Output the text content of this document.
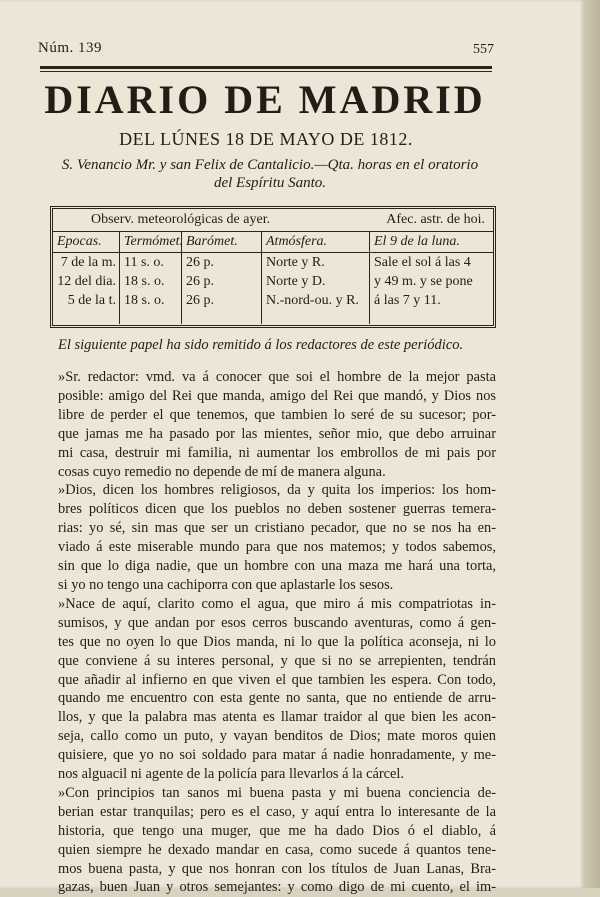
Núm. 139	557
DIARIO DE MADRID
DEL LÚNES 18 DE MAYO DE 1812.
S. Venancio Mr. y san Felix de Cantalicio.—Qta. horas en el oratorio
del Espíritu Santo.
Observ. meteorológicas de ayer.	Afec. astr. de hoi.
Epocas.
7 de la m.
12 del dia.
5 de la t.
Termómet.
11 s. o.
18 s. o.
18 s. o.
Barómet.
26 p.
26 p.
26 p.
Atmósfera.
Norte y R.
Norte y D.
N.-nord-ou. y R.
El 9 de la luna.
Sale el sol á las 4
y 49 m. y se pone
á las 7 y 11.
El siguiente papel ha sido remitido á los redactores de este periódico.
»Sr. redactor: vmd. va á conocer que soi el hombre de la mejor pasta
posible: amigo del Rei que manda, amigo del Rei que mandó, y Dios nos
libre de perder el que tenemos, que tambien lo seré de su sucesor; por-
que jamas me ha pasado por las mientes, señor mio, que debo arruinar
mi casa, destruir mi familia, ni aumentar los embrollos de mi pais por
cosas cuyo remedio no depende de mí de manera alguna.
»Dios, dicen los hombres religiosos, da y quita los imperios: los hom-
bres políticos dicen que los pueblos no deben sostener guerras temera-
rias: yo sé, sin mas que ser un cristiano pecador, que no se nos ha en-
viado á este miserable mundo para que nos matemos; y todos sabemos,
sin que lo diga nadie, que un hombre con una maza me hará una torta,
si yo no tengo una cachiporra con que aplastarle los sesos.
»Nace de aquí, clarito como el agua, que miro á mis compatriotas in-
sumisos, y que andan por esos cerros buscando aventuras, como á gen-
tes que no oyen lo que Dios manda, ni lo que la política aconseja, ni lo
que conviene á su interes personal, y que si no se arrepienten, tendrán
que añadir al infierno en que viven el que tambien les espera. Con todo,
quando me encuentro con esta gente no santa, que no entiende de arru-
llos, y que la palabra mas atenta es llamar traidor al que bien les acon-
seja, callo como un puto, y vayan benditos de Dios; mate moros quien
quisiere, que yo no soi soldado para matar á nadie honradamente, y me-
nos alguacil ni agente de la policía para llevarlos á la cárcel.
»Con principios tan sanos mi buena pasta y mi buena conciencia de-
berian estar tranquilas; pero es el caso, y aquí entra lo interesante de la
historia, que tengo una muger, que me ha dado Dios ó el diablo, á
quien siempre he dexado mandar en casa, como sucede á quantos tene-
mos buena pasta, y que nos honran con los títulos de Juan Lanas, Bra-
gazas, buen Juan y otros semejantes: y como digo de mi cuento, el im-
